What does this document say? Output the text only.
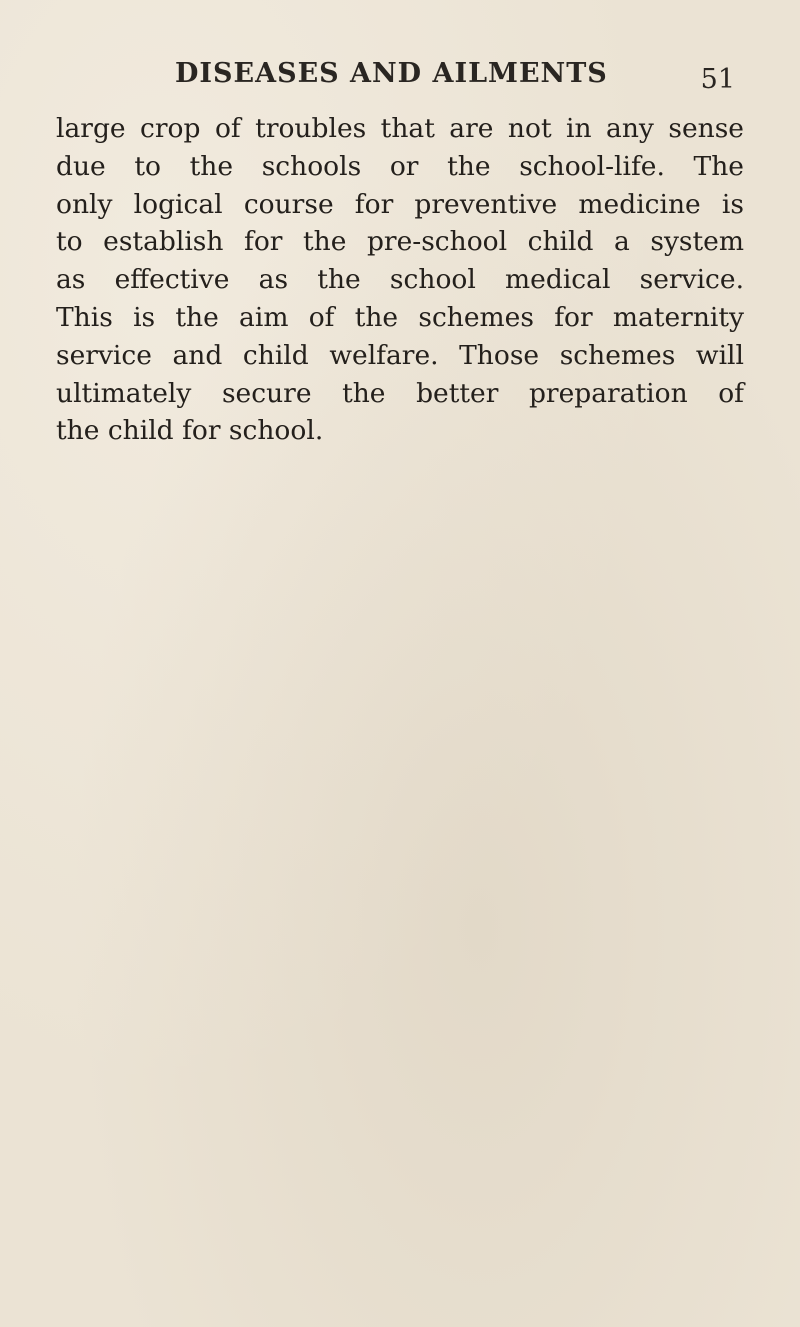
DISEASES AND AILMENTS	51
large crop of troubles that are not in any sense
due to the schools or the school-life. The
only logical course for preventive medicine is
to establish for the pre-school child a system
as effective as the school medical service.
This is the aim of the schemes for maternity
service and child welfare. Those schemes will
ultimately secure the better preparation of
the child for school.
